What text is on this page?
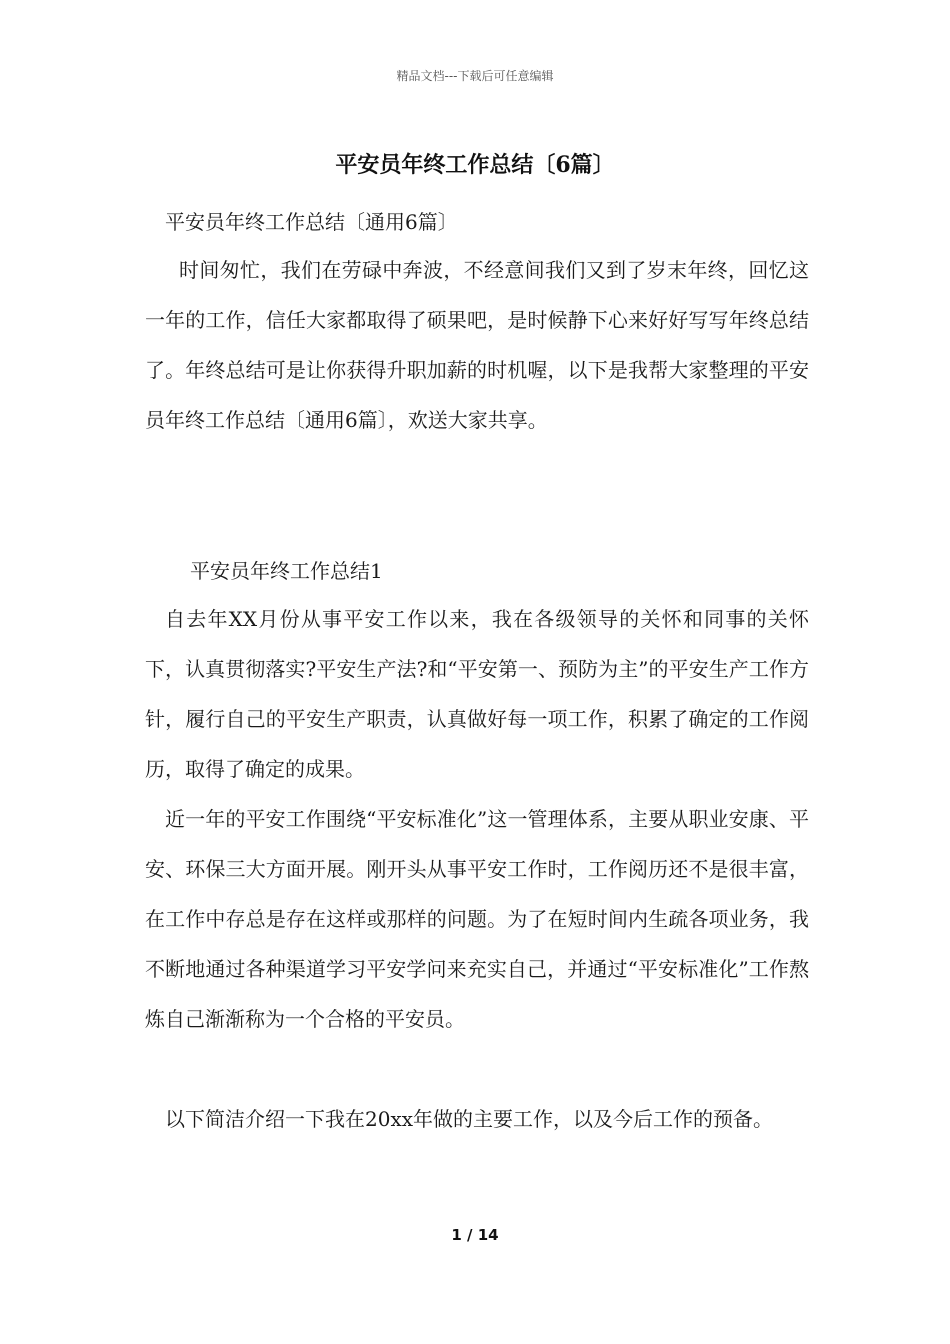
精品文档---下载后可任意编辑
平安员年终工作总结〔6篇〕
平安员年终工作总结〔通用6篇〕

时间匆忙，我们在劳碌中奔波，不经意间我们又到了岁末年终，回忆这一年的工作，信任大家都取得了硕果吧，是时候静下心来好好写写年终总结了。年终总结可是让你获得升职加薪的时机喔，以下是我帮大家整理的平安员年终工作总结〔通用6篇〕，欢送大家共享。

平安员年终工作总结1

自去年XX月份从事平安工作以来，我在各级领导的关怀和同事的关怀下，认真贯彻落实?平安生产法?和“平安第一、预防为主”的平安生产工作方针，履行自己的平安生产职责，认真做好每一项工作，积累了确定的工作阅历，取得了确定的成果。

近一年的平安工作围绕“平安标准化”这一管理体系，主要从职业安康、平安、环保三大方面开展。刚开头从事平安工作时，工作阅历还不是很丰富，在工作中存总是存在这样或那样的问题。为了在短时间内生疏各项业务，我不断地通过各种渠道学习平安学问来充实自己，并通过“平安标准化”工作熬炼自己渐渐称为一个合格的平安员。

以下简洁介绍一下我在20xx年做的主要工作，以及今后工作的预备。

1 / 14
